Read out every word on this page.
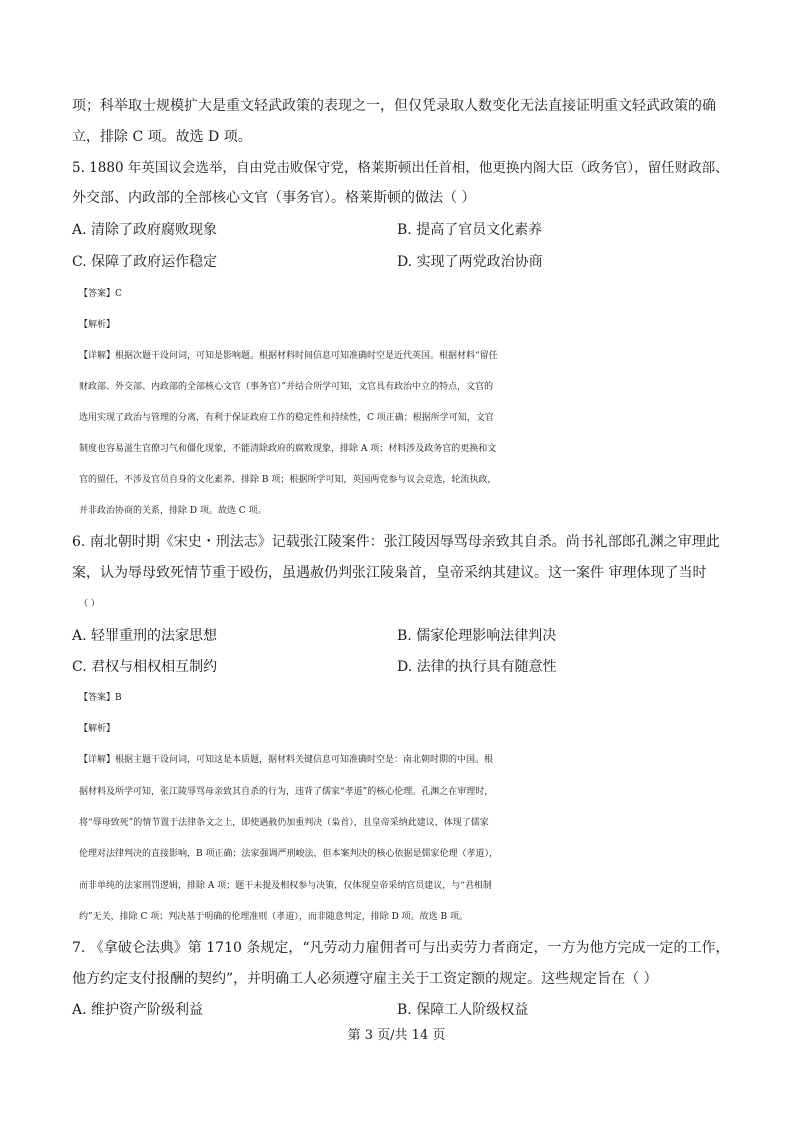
项；科举取士规模扩大是重文轻武政策的表现之一，但仅凭录取人数变化无法直接证明重文轻武政策的确
立，排除 C 项。故选 D 项。
5. 1880 年英国议会选举，自由党击败保守党，格莱斯顿出任首相，他更换内阁大臣（政务官），留任财政部、
外交部、内政部的全部核心文官（事务官）。格莱斯顿的做法（ ）
A. 清除了政府腐败现象	B. 提高了官员文化素养
C. 保障了政府运作稳定	D. 实现了两党政治协商
【答案】C
【解析】
【详解】根据次题干设问词，可知是影响题。根据材料时间信息可知准确时空是近代英国。根据材料“留任
财政部、外交部、内政部的全部核心文官（事务官）”并结合所学可知，文官具有政治中立的特点，文官的
选用实现了政治与管理的分离，有利于保证政府工作的稳定性和持续性，C 项正确；根据所学可知，文官
制度也容易滋生官僚习气和僵化现象，不能清除政府的腐败现象，排除 A 项；材料涉及政务官的更换和文
官的留任，不涉及官员自身的文化素养，排除 B 项；根据所学可知，英国两党参与议会竞选，轮流执政，
并非政治协商的关系，排除 D 项。故选 C 项。
6. 南北朝时期《宋史・刑法志》记载张江陵案件：张江陵因辱骂母亲致其自杀。尚书礼部郎孔渊之审理此
案，认为辱母致死情节重于殴伤，虽遇赦仍判张江陵枭首，皇帝采纳其建议。这一案件 审理体现了当时
（ ）
A. 轻罪重刑的法家思想	B. 儒家伦理影响法律判决
C. 君权与相权相互制约	D. 法律的执行具有随意性
【答案】B
【解析】
【详解】根据主题干设问词，可知这是本质题，据材料关键信息可知准确时空是：南北朝时期的中国。根
据材料及所学可知，张江陵辱骂母亲致其自杀的行为，违背了儒家“孝道”的核心伦理。孔渊之在审理时，
将“辱母致死”的情节置于法律条文之上，即使遇赦仍加重判决（枭首），且皇帝采纳此建议，体现了儒家
伦理对法律判决的直接影响，B 项正确；法家强调严刑峻法，但本案判决的核心依据是儒家伦理（孝道），
而非单纯的法家刑罚逻辑，排除 A 项；题干未提及相权参与决策，仅体现皇帝采纳官员建议，与“君相制
约”无关，排除 C 项；判决基于明确的伦理准则（孝道），而非随意判定，排除 D 项。故选 B 项。
7. 《拿破仑法典》第 1710 条规定，“凡劳动力雇佣者可与出卖劳力者商定，一方为他方完成一定的工作，
他方约定支付报酬的契约”，并明确工人必须遵守雇主关于工资定额的规定。这些规定旨在（ ）
A. 维护资产阶级利益	B. 保障工人阶级权益
第 3 页/共 14 页
